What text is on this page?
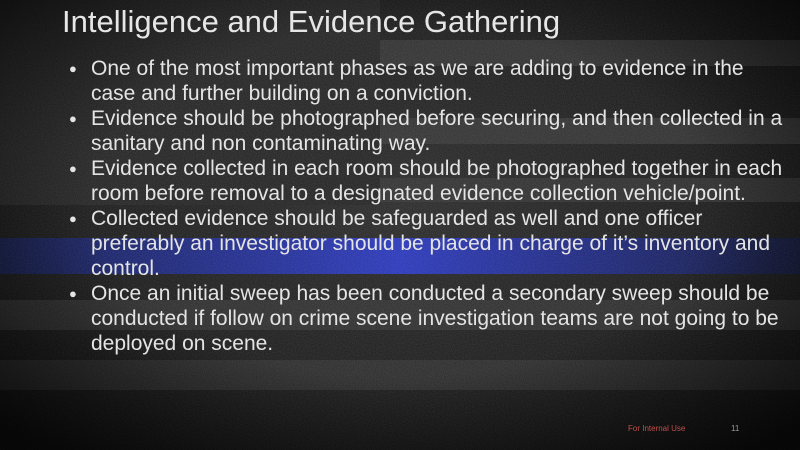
Intelligence and Evidence Gathering
● One of the most important phases as we are adding to evidence in the case and further building on a conviction.
● Evidence should be photographed before securing, and then collected in a sanitary and non contaminating way.
● Evidence collected in each room should be photographed together in each room before removal to a designated evidence collection vehicle/point.
● Collected evidence should be safeguarded as well and one officer preferably an investigator should be placed in charge of it’s inventory and control.
● Once an initial sweep has been conducted a secondary sweep should be conducted if follow on crime scene investigation teams are not going to be deployed on scene.
For Internal Use	11
